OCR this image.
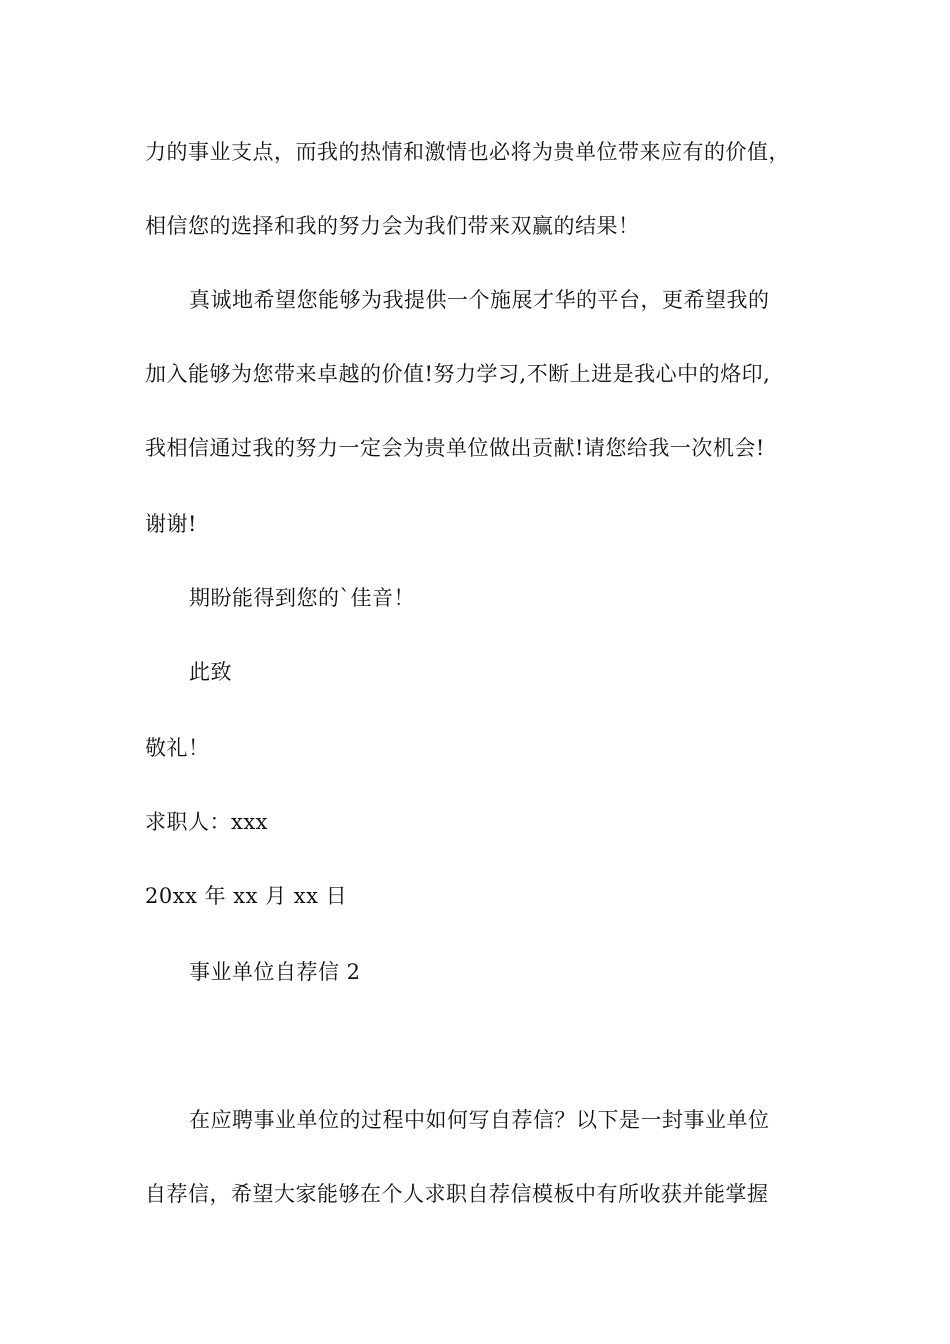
力的事业支点，而我的热情和激情也必将为贵单位带来应有的价值，
相信您的选择和我的努力会为我们带来双赢的结果！
真诚地希望您能够为我提供一个施展才华的平台，更希望我的
加入能够为您带来卓越的价值!努力学习,不断上进是我心中的烙印,
我相信通过我的努力一定会为贵单位做出贡献!请您给我一次机会!
谢谢!
期盼能得到您的`佳音！
此致
敬礼！
求职人：xxx
20xx 年 xx 月 xx 日
事业单位自荐信 2
在应聘事业单位的过程中如何写自荐信？以下是一封事业单位
自荐信，希望大家能够在个人求职自荐信模板中有所收获并能掌握
